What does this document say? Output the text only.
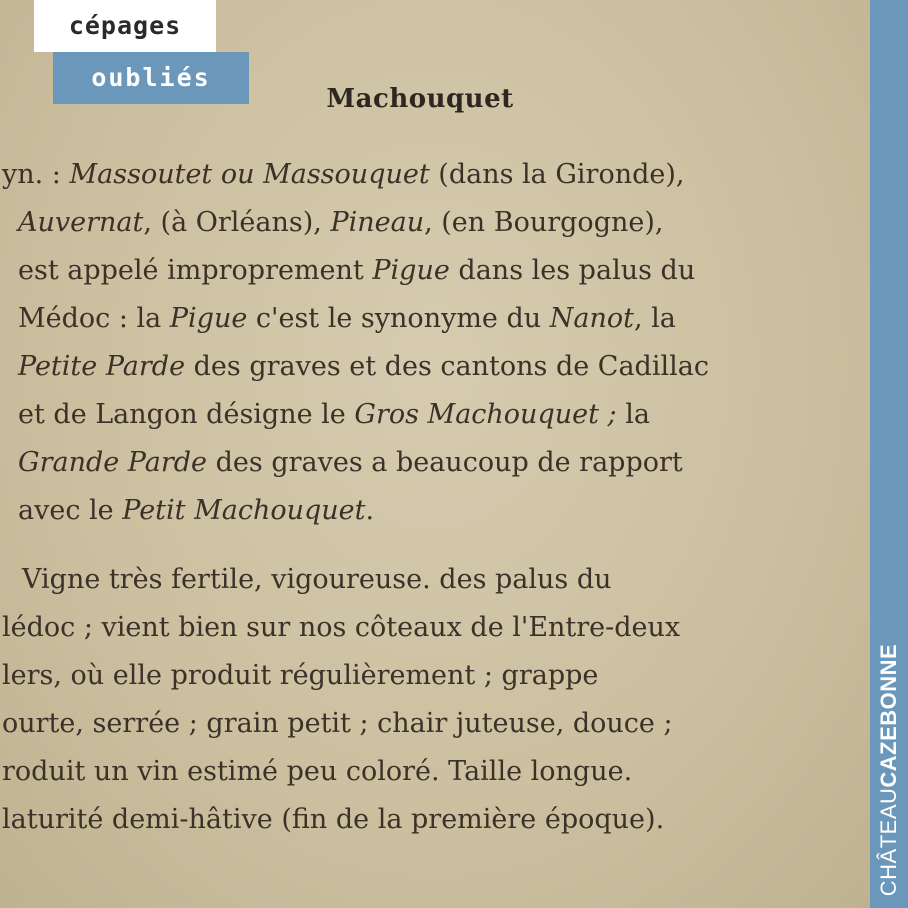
Machouquet
yn. : Massoutet ou Massouquet (dans la Gironde),
Auvernat, (à Orléans), Pineau, (en Bourgogne),
est appelé improprement Pigue dans les palus du
Médoc : la Pigue c'est le synonyme du Nanot, la
Petite Parde des graves et des cantons de Cadillac
et de Langon désigne le Gros Machouquet ; la
Grande Parde des graves a beaucoup de rapport
avec le Petit Machouquet.
Vigne très fertile, vigoureuse. des palus du
lédoc ; vient bien sur nos côteaux de l'Entre-deux
lers, où elle produit régulièrement ; grappe
ourte, serrée ; grain petit ; chair juteuse, douce ;
roduit un vin estimé peu coloré. Taille longue.
laturité demi-hâtive (fin de la première époque).
cépages
oubliés
CHÂTEAUCAZEBONNE
